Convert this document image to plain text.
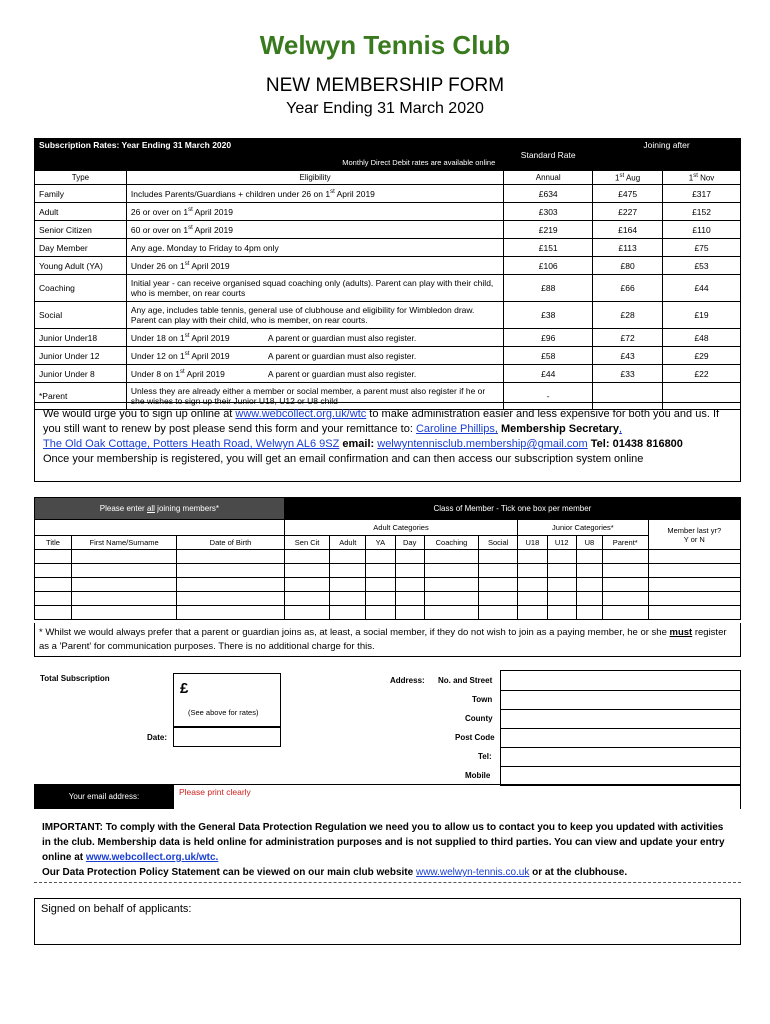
Welwyn Tennis Club
NEW MEMBERSHIP FORM
Year Ending 31 March 2020
Subscription Rates: Year Ending 31 March 2020
Monthly Direct Debit rates are available online		Standard Rate	Joining after	
Type	Eligibility	Annual	1st Aug	1st Nov
Family	Includes Parents/Guardians + children under 26 on 1st April 2019	£634	£475	£317
Adult	26 or over on 1st April 2019	£303	£227	£152
Senior Citizen	60 or over on 1st April 2019	£219	£164	£110
Day Member	Any age. Monday to Friday to 4pm only	£151	£113	£75
Young Adult (YA)	Under 26 on 1st April 2019	£106	£80	£53
Coaching	Initial year - can receive organised squad coaching only (adults). Parent can play with their child, who is member, on rear courts	£88	£66	£44
Social	Any age, includes table tennis, general use of clubhouse and eligibility for Wimbledon draw. Parent can play with their child, who is member, on rear courts.	£38	£28	£19
Junior Under18	Under 18 on 1st April 2019 A parent or guardian must also register.	£96	£72	£48
Junior Under 12	Under 12 on 1st April 2019 A parent or guardian must also register.	£58	£43	£29
Junior Under 8	Under 8 on 1st April 2019 A parent or guardian must also register.	£44	£33	£22
*Parent	Unless they are already either a member or social member, a parent must also register if he or she wishes to sign up their Junior U18, U12 or U8 child	-		
We would urge you to sign up online at www.webcollect.org.uk/wtc to make administration easier and less expensive for both you and us. If you still want to renew by post please send this form and your remittance to: Caroline Phillips, Membership Secretary,
The Old Oak Cottage, Potters Heath Road, Welwyn AL6 9SZ email: welwyntennisclub.membership@gmail.com Tel: 01438 816800
Once your membership is registered, you will get an email confirmation and can then access our subscription system online
Please enter all joining members*			Class of Member - Tick one box per member										
			Adult Categories						Junior Categories*				Member last yr?
Y or N
Title	First Name/Surname	Date of Birth	Sen Cit	Adult	YA	Day	Coaching	Social	U18	U12	U8	Parent*	

* Whilst we would always prefer that a parent or guardian joins as, at least, a social member, if they do not wish to join as a paying member, he or she must register as a 'Parent' for communication purposes. There is no additional charge for this.
Total Subscription
£
(See above for rates)
Date:
Address: No. and Street
Town
County
Post Code
Tel:
Mobile
Your email address:	Please print clearly
IMPORTANT: To comply with the General Data Protection Regulation we need you to allow us to contact you to keep you updated with activities in the club. Membership data is held online for administration purposes and is not supplied to third parties. You can view and update your entry online at www.webcollect.org.uk/wtc.
Our Data Protection Policy Statement can be viewed on our main club website www.welwyn-tennis.co.uk or at the clubhouse.
Signed on behalf of applicants:
